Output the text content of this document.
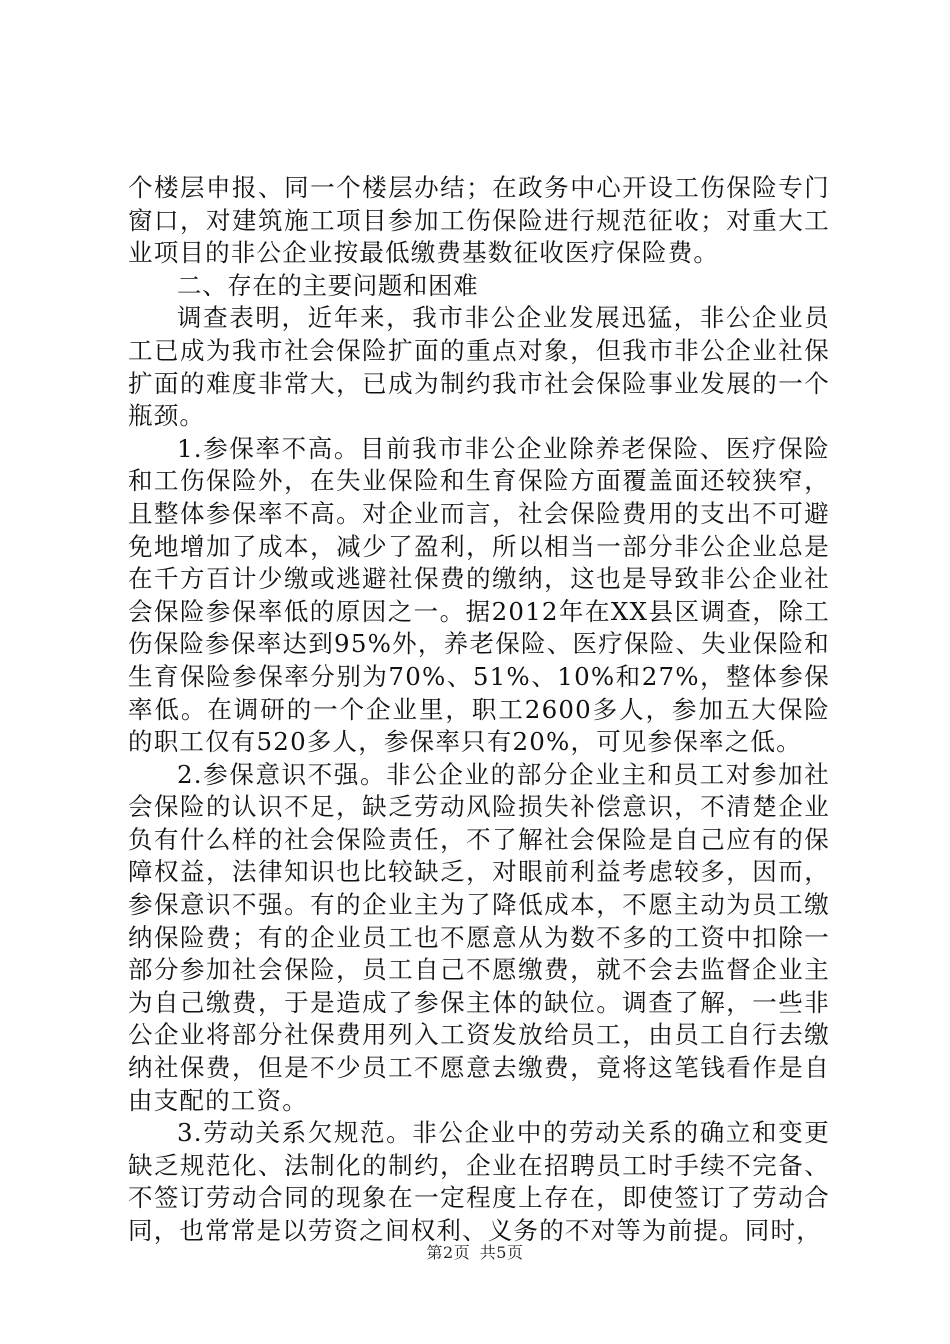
个楼层申报、同一个楼层办结；在政务中心开设工伤保险专门窗口，对建筑施工项目参加工伤保险进行规范征收；对重大工业项目的非公企业按最低缴费基数征收医疗保险费。

二、存在的主要问题和困难

调查表明，近年来，我市非公企业发展迅猛，非公企业员工已成为我市社会保险扩面的重点对象，但我市非公企业社保扩面的难度非常大，已成为制约我市社会保险事业发展的一个瓶颈。

1.参保率不高。目前我市非公企业除养老保险、医疗保险和工伤保险外，在失业保险和生育保险方面覆盖面还较狭窄，且整体参保率不高。对企业而言，社会保险费用的支出不可避免地增加了成本，减少了盈利，所以相当一部分非公企业总是在千方百计少缴或逃避社保费的缴纳，这也是导致非公企业社会保险参保率低的原因之一。据2012年在XX县区调查，除工伤保险参保率达到95%外，养老保险、医疗保险、失业保险和生育保险参保率分别为70%、51%、10%和27%，整体参保率低。在调研的一个企业里，职工2600多人，参加五大保险的职工仅有520多人，参保率只有20%，可见参保率之低。

2.参保意识不强。非公企业的部分企业主和员工对参加社会保险的认识不足，缺乏劳动风险损失补偿意识，不清楚企业负有什么样的社会保险责任，不了解社会保险是自己应有的保障权益，法律知识也比较缺乏，对眼前利益考虑较多，因而，参保意识不强。有的企业主为了降低成本，不愿主动为员工缴纳保险费；有的企业员工也不愿意从为数不多的工资中扣除一部分参加社会保险，员工自己不愿缴费，就不会去监督企业主为自己缴费，于是造成了参保主体的缺位。调查了解，一些非公企业将部分社保费用列入工资发放给员工，由员工自行去缴纳社保费，但是不少员工不愿意去缴费，竟将这笔钱看作是自由支配的工资。

3.劳动关系欠规范。非公企业中的劳动关系的确立和变更缺乏规范化、法制化的制约，企业在招聘员工时手续不完备、不签订劳动合同的现象在一定程度上存在，即使签订了劳动合同，也常常是以劳资之间权利、义务的不对等为前提。同时，

第2页 共5页
